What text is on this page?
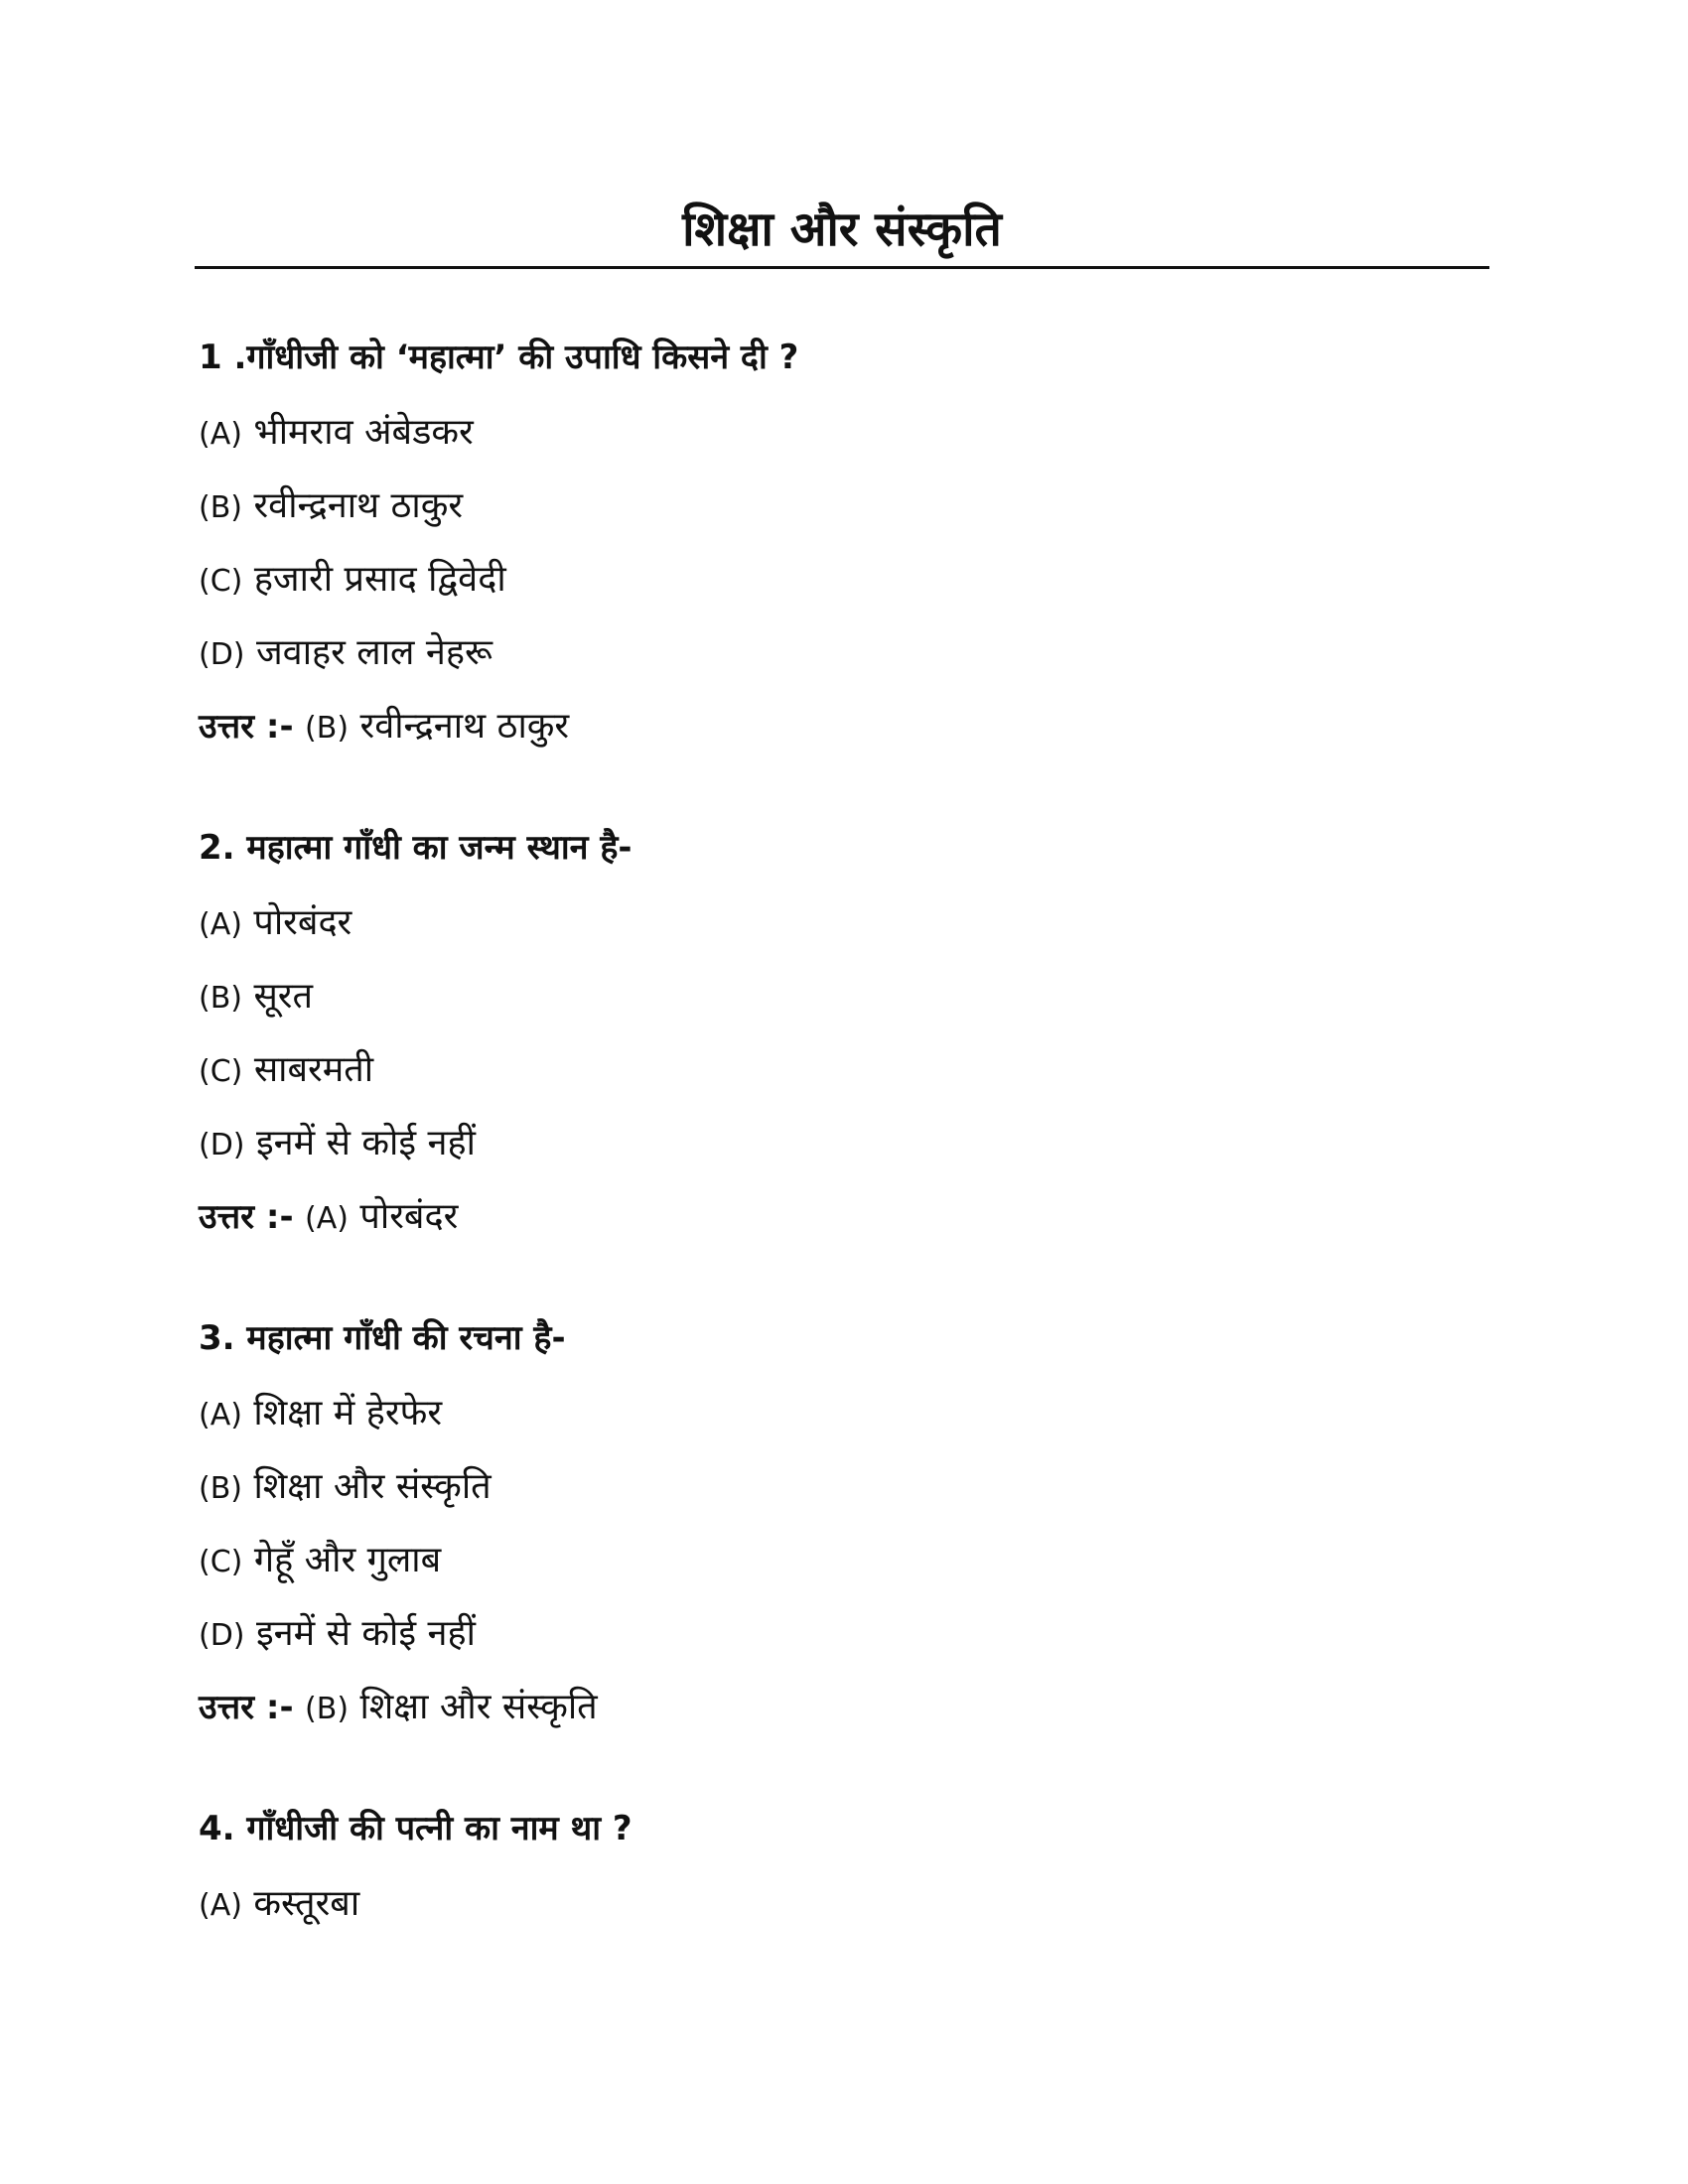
शिक्षा और संस्कृति
1 .गाँधीजी को ‘महात्मा’ की उपाधि किसने दी ?
(A) भीमराव अंबेडकर
(B) रवीन्द्रनाथ ठाकुर
(C) हजारी प्रसाद द्विवेदी
(D) जवाहर लाल नेहरू
उत्तर :- (B) रवीन्द्रनाथ ठाकुर
2. महात्मा गाँधी का जन्म स्थान है-
(A) पोरबंदर
(B) सूरत
(C) साबरमती
(D) इनमें से कोई नहीं
उत्तर :- (A) पोरबंदर
3. महात्मा गाँधी की रचना है-
(A) शिक्षा में हेरफेर
(B) शिक्षा और संस्कृति
(C) गेहूँ और गुलाब
(D) इनमें से कोई नहीं
उत्तर :- (B) शिक्षा और संस्कृति
4. गाँधीजी की पत्नी का नाम था ?
(A) कस्तूरबा
